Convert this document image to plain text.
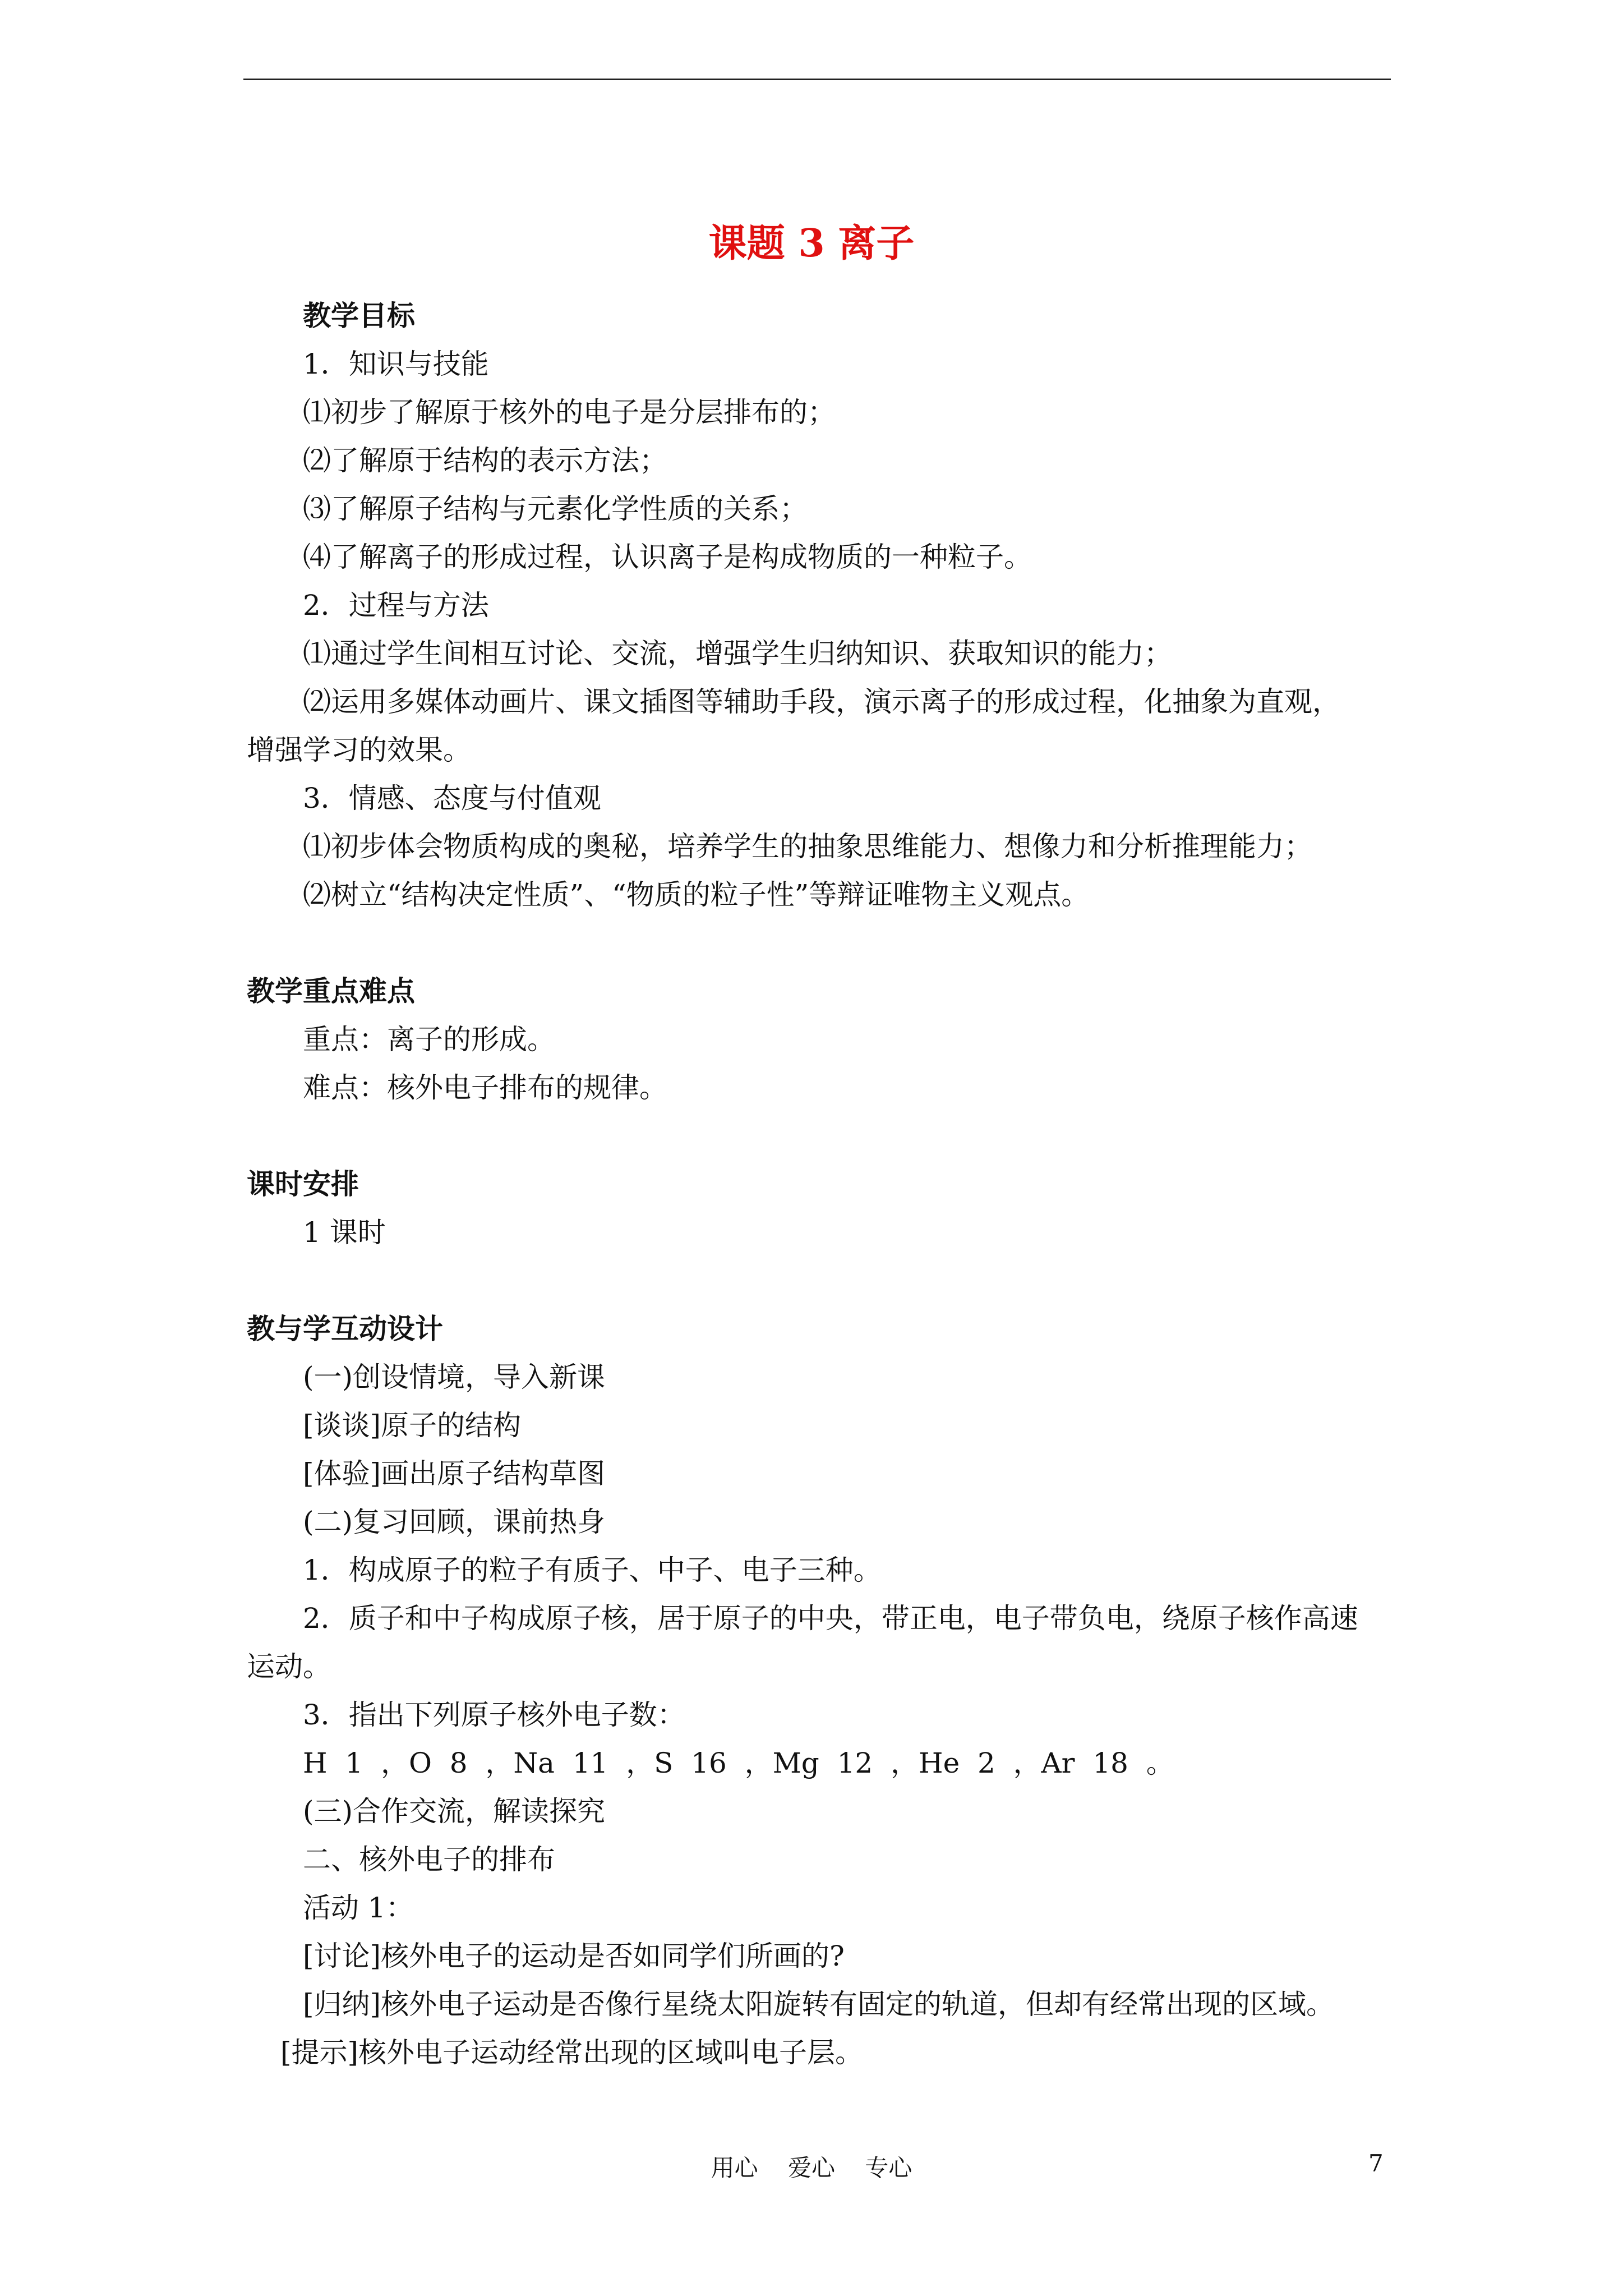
课题 3 离子
教学目标
1．知识与技能
⑴初步了解原于核外的电子是分层排布的；
⑵了解原于结构的表示方法；
⑶了解原子结构与元素化学性质的关系；
⑷了解离子的形成过程，认识离子是构成物质的一种粒子。
2．过程与方法
⑴通过学生间相互讨论、交流，增强学生归纳知识、获取知识的能力；
⑵运用多媒体动画片、课文插图等辅助手段，演示离子的形成过程，化抽象为直观，
增强学习的效果。
3．情感、态度与付值观
⑴初步体会物质构成的奥秘，培养学生的抽象思维能力、想像力和分析推理能力；
⑵树立“结构决定性质”、“物质的粒子性”等辩证唯物主义观点。
教学重点难点
重点：离子的形成。
难点：核外电子排布的规律。
课时安排
1 课时
教与学互动设计
(一)创设情境，导入新课
[谈谈]原子的结构
[体验]画出原子结构草图
(二)复习回顾，课前热身
1．构成原子的粒子有质子、中子、电子三种。
2．质子和中子构成原子核，居于原子的中央，带正电，电子带负电，绕原子核作高速
运动。
3．指出下列原子核外电子数：
H  1  ，O  8  ，Na  11  ，S  16  ，Mg  12  ，He  2  ，Ar  18  。
(三)合作交流，解读探究
二、核外电子的排布
活动 1：
[讨论]核外电子的运动是否如同学们所画的?
[归纳]核外电子运动是否像行星绕太阳旋转有固定的轨道，但却有经常出现的区域。
[提示]核外电子运动经常出现的区域叫电子层。
用心    爱心    专心	7
